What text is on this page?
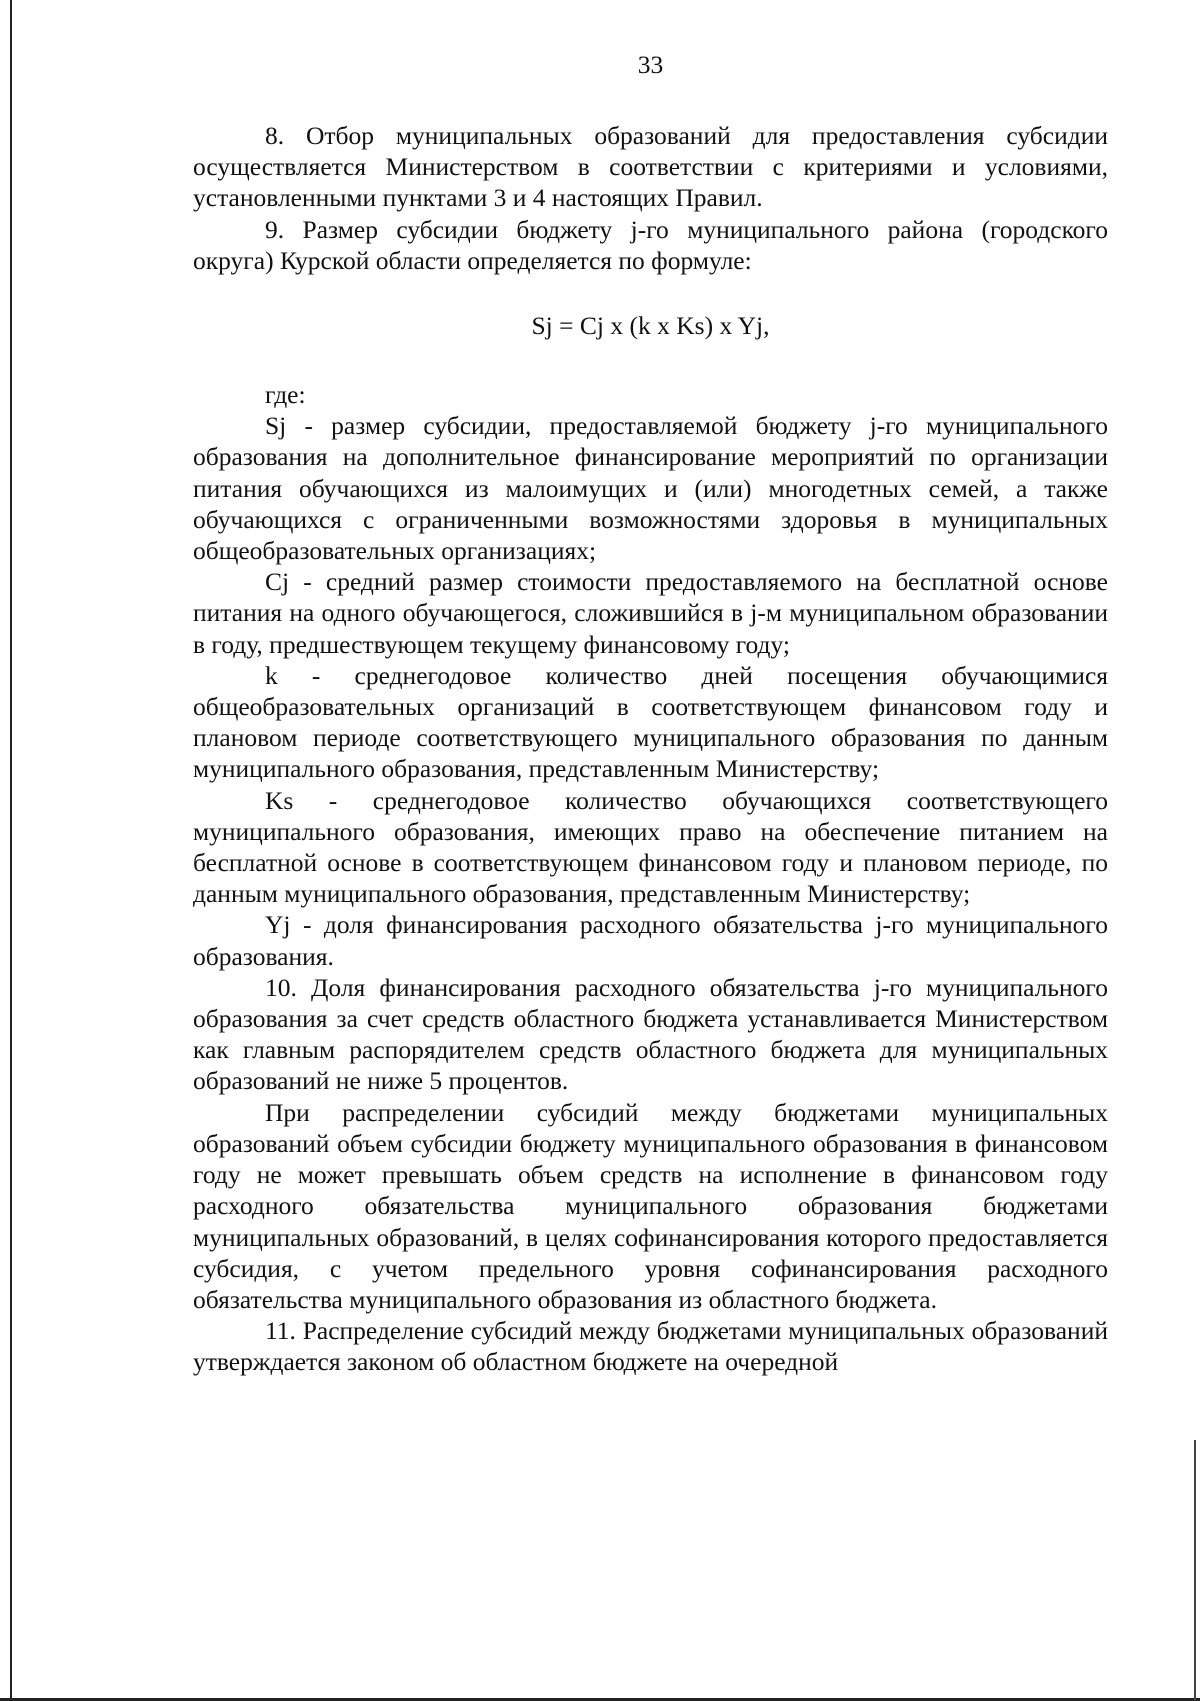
33

8. Отбор муниципальных образований для предоставления субсидии осуществляется Министерством в соответствии с критериями и условиями, установленными пунктами 3 и 4 настоящих Правил.

9. Размер субсидии бюджету j-го муниципального района (городского округа) Курской области определяется по формуле:

Sj = Cj x (k x Ks) x Yj,

где:

Sj - размер субсидии, предоставляемой бюджету j-го муниципального образования на дополнительное финансирование мероприятий по организации питания обучающихся из малоимущих и (или) многодетных семей, а также обучающихся с ограниченными возможностями здоровья в муниципальных общеобразовательных организациях;

Cj - средний размер стоимости предоставляемого на бесплатной основе питания на одного обучающегося, сложившийся в j-м муниципальном образовании в году, предшествующем текущему финансовому году;

k - среднегодовое количество дней посещения обучающимися общеобразовательных организаций в соответствующем финансовом году и плановом периоде соответствующего муниципального образования по данным муниципального образования, представленным Министерству;

Ks - среднегодовое количество обучающихся соответствующего муниципального образования, имеющих право на обеспечение питанием на бесплатной основе в соответствующем финансовом году и плановом периоде, по данным муниципального образования, представленным Министерству;

Yj - доля финансирования расходного обязательства j-го муниципального образования.

10. Доля финансирования расходного обязательства j-го муниципального образования за счет средств областного бюджета устанавливается Министерством как главным распорядителем средств областного бюджета для муниципальных образований не ниже 5 процентов.

При распределении субсидий между бюджетами муниципальных образований объем субсидии бюджету муниципального образования в финансовом году не может превышать объем средств на исполнение в финансовом году расходного обязательства муниципального образования бюджетами муниципальных образований, в целях софинансирования которого предоставляется субсидия, с учетом предельного уровня софинансирования расходного обязательства муниципального образования из областного бюджета.

11. Распределение субсидий между бюджетами муниципальных образований утверждается законом об областном бюджете на очередной
